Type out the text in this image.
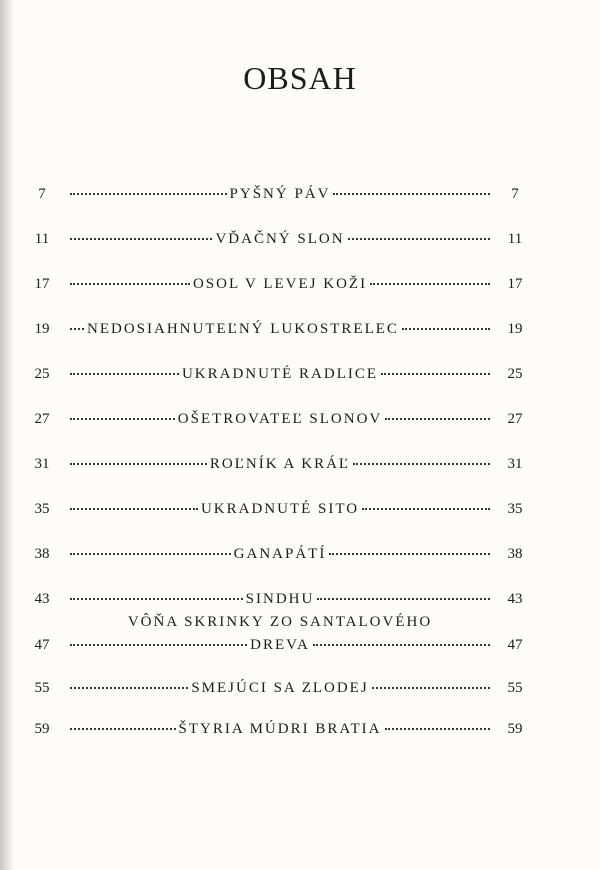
OBSAH
7	PYŠNÝ PÁV	7
11	VĎAČNÝ SLON	11
17	OSOL V LEVEJ KOŽI	17
19	NEDOSIAHNUTEĽNÝ LUKOSTRELEC	19
25	UKRADNUTÉ RADLICE	25
27	OŠETROVATEĽ SLONOV	27
31	ROĽNÍK A KRÁĽ	31
35	UKRADNUTÉ SITO	35
38	GANAPÁTÍ	38
43	SINDHU	43
VÔŇA SKRINKY ZO SANTALOVÉHO
47	DREVA	47
55	SMEJÚCI SA ZLODEJ	55
59	ŠTYRIA MÚDRI BRATIA	59
